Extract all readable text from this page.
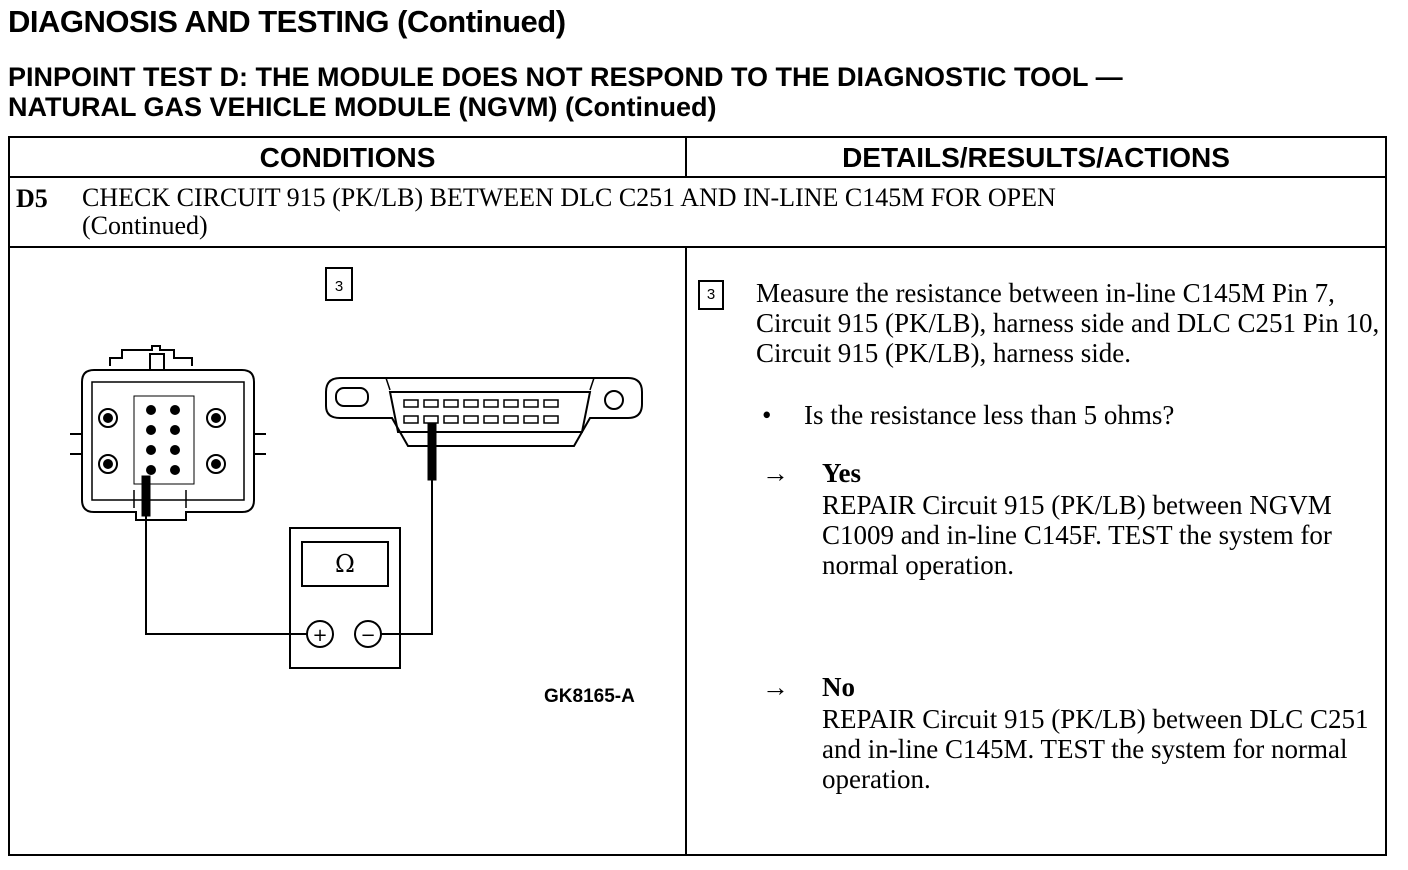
DIAGNOSIS AND TESTING (Continued)
PINPOINT TEST D: THE MODULE DOES NOT RESPOND TO THE DIAGNOSTIC TOOL —
NATURAL GAS VEHICLE MODULE (NGVM) (Continued)
CONDITIONS	DETAILS/RESULTS/ACTIONS
D5 CHECK CIRCUIT 915 (PK/LB) BETWEEN DLC C251 AND IN-LINE C145M FOR OPEN
(Continued)
3
Ω
+ −
GK8165-A
3	Measure the resistance between in-line C145M Pin 7, Circuit 915 (PK/LB), harness side and DLC C251 Pin 10, Circuit 915 (PK/LB), harness side.
• Is the resistance less than 5 ohms?
→ Yes
REPAIR Circuit 915 (PK/LB) between NGVM C1009 and in-line C145F. TEST the system for normal operation.
→ No
REPAIR Circuit 915 (PK/LB) between DLC C251 and in-line C145M. TEST the system for normal operation.
